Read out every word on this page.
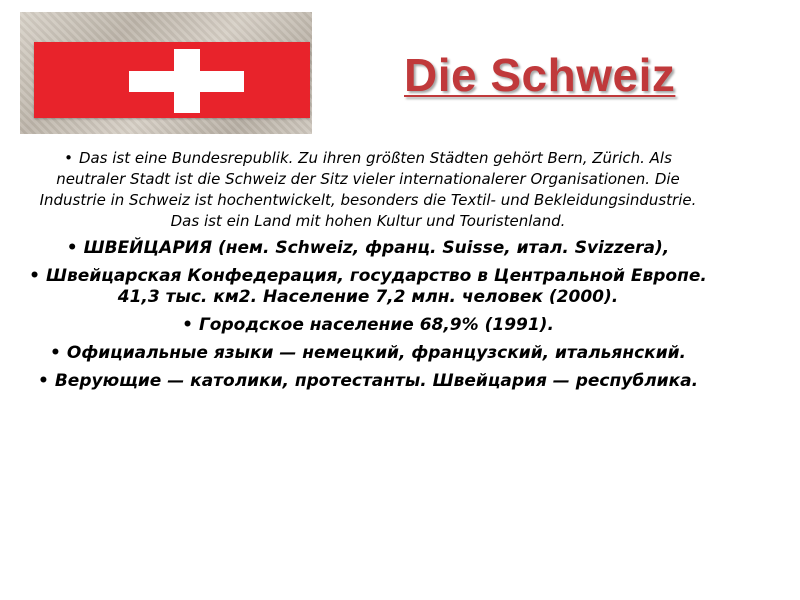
Die Schweiz
• Das ist eine Bundesrepublik. Zu ihren größten Städten gehört Bern, Zürich. Als neutraler Stadt ist die Schweiz der Sitz vieler internationalerer Organisationen. Die Industrie in Schweiz ist hochentwickelt, besonders die Textil- und Bekleidungsindustrie. Das ist ein Land mit hohen Kultur und Touristenland.
• ШВЕЙЦАРИЯ (нем. Schweiz, франц. Suisse, итал. Svizzera),
• Швейцарская Конфедерация, государство в Центральной Европе. 41,3 тыс. км2. Население 7,2 млн. человек (2000).
• Городское население 68,9% (1991).
• Официальные языки — немецкий, французский, итальянский.
• Верующие — католики, протестанты. Швейцария — республика.
